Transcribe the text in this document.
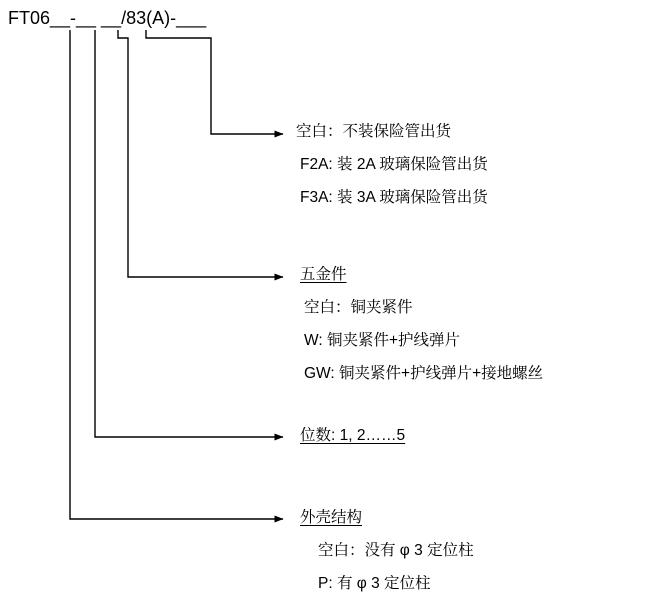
FT06__-__ __/83(A)-___
空白：不装保险管出货
F2A: 装 2A 玻璃保险管出货
F3A: 装 3A 玻璃保险管出货
五金件
空白：铜夹紧件
W: 铜夹紧件+护线弹片
GW: 铜夹紧件+护线弹片+接地螺丝
位数: 1, 2……5
外壳结构
空白：没有 φ 3 定位柱
P: 有 φ 3 定位柱
